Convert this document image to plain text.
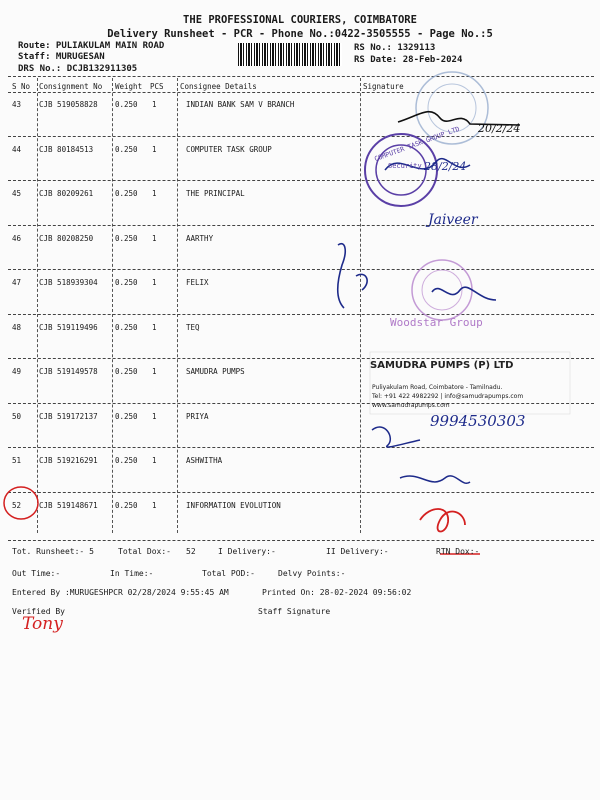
THE PROFESSIONAL COURIERS, COIMBATORE
Delivery Runsheet - PCR - Phone No.:0422-3505555 - Page No.:5
Route: PULIAKULAM MAIN ROAD
Staff: MURUGESAN
DRS No.: DCJB132911305
RS No.: 1329113
RS Date: 28-Feb-2024
S No Consignment No Weight PCS Consignee Details	Signature
43 CJB 519058828 0.250 1	INDIAN BANK SAM V BRANCH
44 CJB 80184513	0.250 1	COMPUTER TASK GROUP
45 CJB 80209261	0.250 1	THE PRINCIPAL
46 CJB 80208250	0.250 1	AARTHY
47 CJB 518939304 0.250 1	FELIX
48 CJB 519119496 0.250 1	TEQ
49 CJB 519149578 0.250 1	SAMUDRA PUMPS
50 CJB 519172137 0.250 1	PRIYA
51 CJB 519216291 0.250 1	ASHWITHA
52 CJB 519148671 0.250 1	INFORMATION EVOLUTION
COMPUTER TASK GROUP LTD
Security
Woodstar Group
SAMUDRA PUMPS (P) LTD
Puliyakulam Road, Coimbatore - Tamilnadu.
Tel: +91 422 4982292 | info@samudrapumps.com
www.samudrapumps.com
20/2/24
28/2/24
Jaiveer
9994530303
Tony
Tot. Runsheet:- 5	Total Dox:- 52	I Delivery:-	II Delivery:-	RTN Dox:-
Out Time:-	In Time:-	Total POD:-	Delvy Points:-
Entered By :MURUGESHPCR 02/28/2024 9:55:45 AM	Printed On: 28-02-2024 09:56:02
Verified By	Staff Signature
